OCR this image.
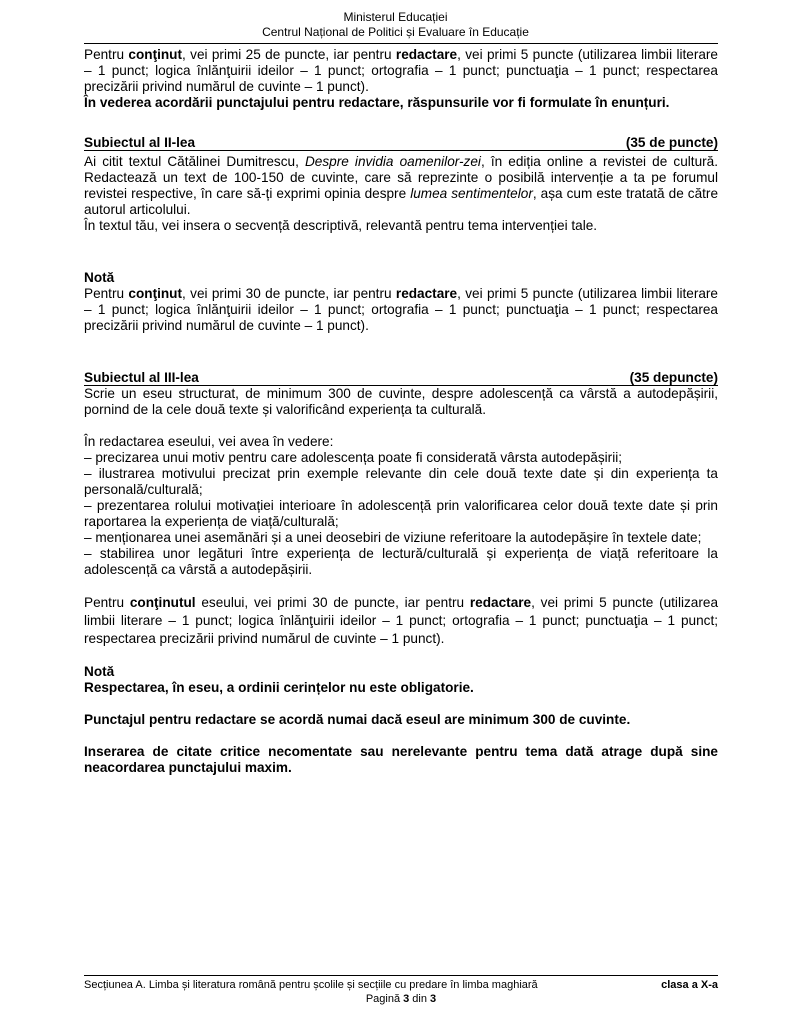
Ministerul Educației
Centrul Național de Politici și Evaluare în Educație

Pentru conţinut, vei primi 25 de puncte, iar pentru redactare, vei primi 5 puncte (utilizarea limbii literare – 1 punct; logica înlănţuirii ideilor – 1 punct; ortografia – 1 punct; punctuaţia – 1 punct; respectarea precizării privind numărul de cuvinte – 1 punct).

În vederea acordării punctajului pentru redactare, răspunsurile vor fi formulate în enunțuri.

Subiectul al II-lea	(35 de puncte)

Ai citit textul Cătălinei Dumitrescu, Despre invidia oamenilor-zei, în ediția online a revistei de cultură. Redactează un text de 100-150 de cuvinte, care să reprezinte o posibilă intervenție a ta pe forumul revistei respective, în care să-ți exprimi opinia despre lumea sentimentelor, așa cum este tratată de către autorul articolului.

În textul tău, vei insera o secvență descriptivă, relevantă pentru tema intervenției tale.

Notă

Pentru conţinut, vei primi 30 de puncte, iar pentru redactare, vei primi 5 puncte (utilizarea limbii literare – 1 punct; logica înlănţuirii ideilor – 1 punct; ortografia – 1 punct; punctuaţia – 1 punct; respectarea precizării privind numărul de cuvinte – 1 punct).

Subiectul al III-lea	(35 depuncte)

Scrie un eseu structurat, de minimum 300 de cuvinte, despre adolescență ca vârstă a autodepășirii, pornind de la cele două texte și valorificând experiența ta culturală.

În redactarea eseului, vei avea în vedere:

– precizarea unui motiv pentru care adolescența poate fi considerată vârsta autodepășirii;

– ilustrarea motivului precizat prin exemple relevante din cele două texte date și din experiența ta personală/culturală;

– prezentarea rolului motivației interioare în adolescență prin valorificarea celor două texte date și prin raportarea la experiența de viață/culturală;

– menționarea unei asemănări și a unei deosebiri de viziune referitoare la autodepășire în textele date;

– stabilirea unor legături între experiența de lectură/culturală și experiența de viață referitoare la adolescență ca vârstă a autodepășirii.

Pentru conţinutul eseului, vei primi 30 de puncte, iar pentru redactare, vei primi 5 puncte (utilizarea limbii literare – 1 punct; logica înlănţuirii ideilor – 1 punct; ortografia – 1 punct; punctuaţia – 1 punct; respectarea precizării privind numărul de cuvinte – 1 punct).

Notă

Respectarea, în eseu, a ordinii cerințelor nu este obligatorie.

Punctajul pentru redactare se acordă numai dacă eseul are minimum 300 de cuvinte.

Inserarea de citate critice necomentate sau nerelevante pentru tema dată atrage după sine neacordarea punctajului maxim.

Secțiunea A. Limba și literatura română pentru școlile și secțiile cu predare în limba maghiară	clasa a X-a
Pagină 3 din 3
